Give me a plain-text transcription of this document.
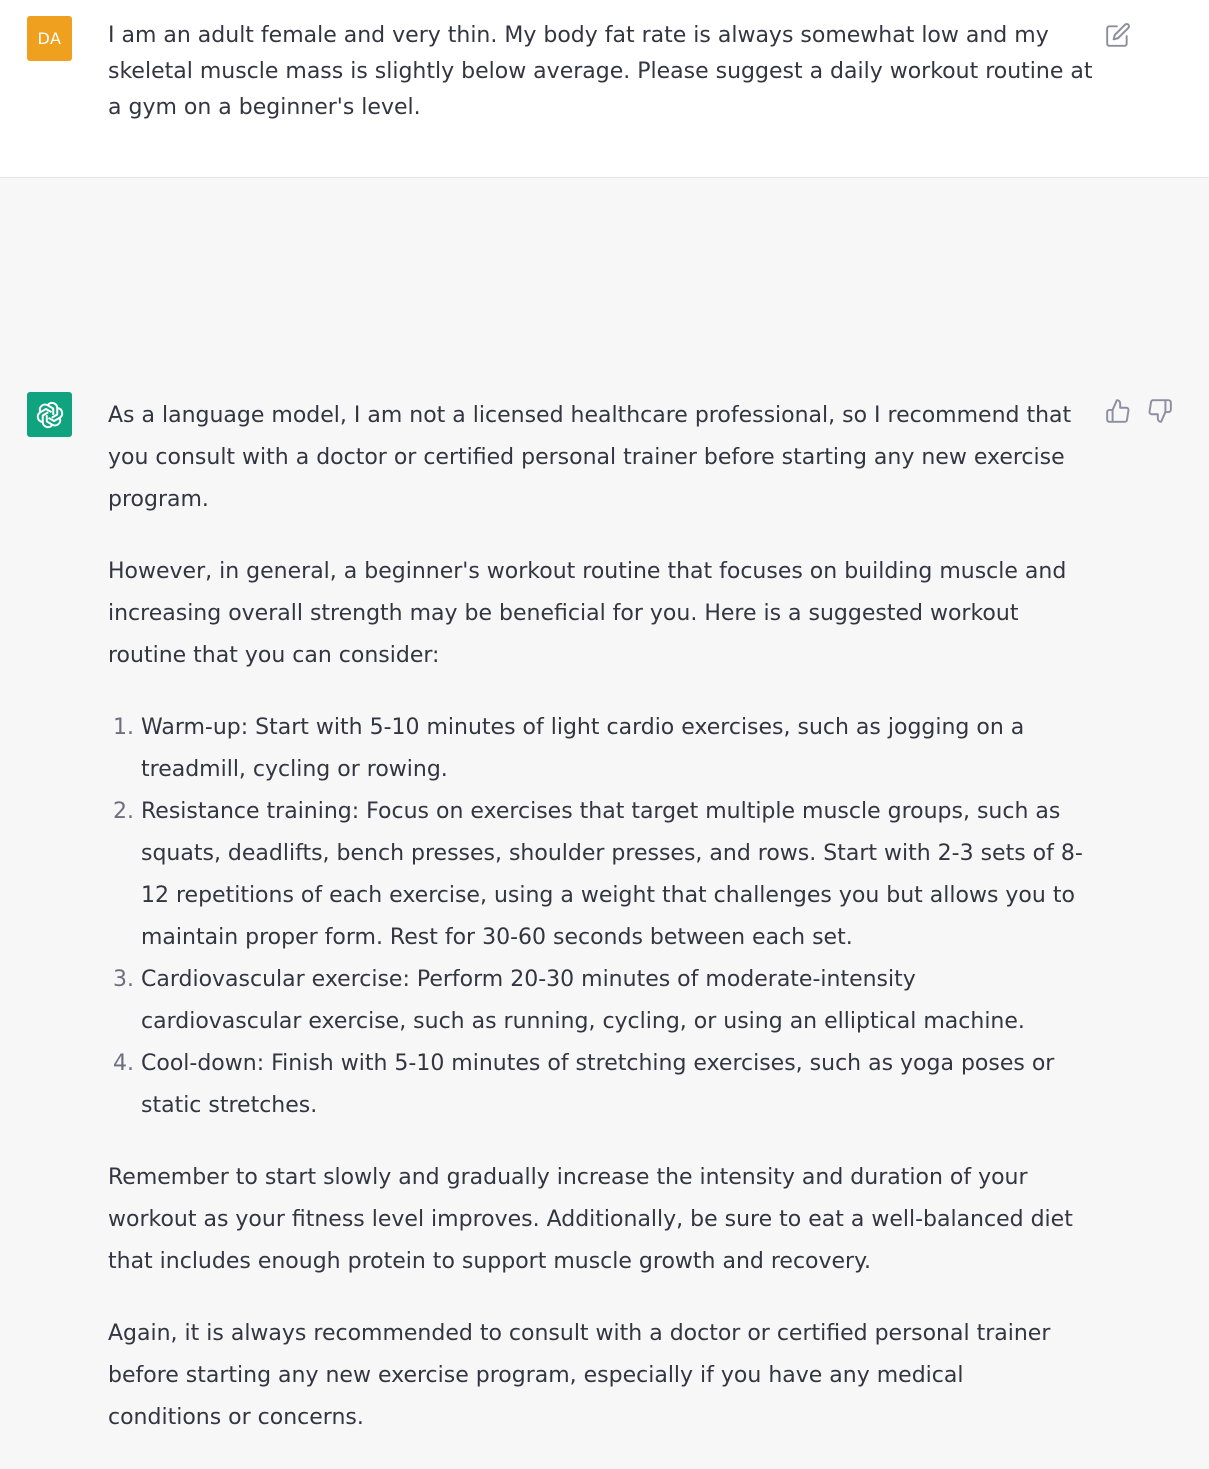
DA	I am an adult female and very thin. My body fat rate is always somewhat low and my skeletal muscle mass is slightly below average. Please suggest a daily workout routine at a gym on a beginner's level.

As a language model, I am not a licensed healthcare professional, so I recommend that you consult with a doctor or certified personal trainer before starting any new exercise program.

However, in general, a beginner's workout routine that focuses on building muscle and increasing overall strength may be beneficial for you. Here is a suggested workout routine that you can consider:

1. Warm-up: Start with 5-10 minutes of light cardio exercises, such as jogging on a treadmill, cycling or rowing.
2. Resistance training: Focus on exercises that target multiple muscle groups, such as squats, deadlifts, bench presses, shoulder presses, and rows. Start with 2-3 sets of 8-12 repetitions of each exercise, using a weight that challenges you but allows you to maintain proper form. Rest for 30-60 seconds between each set.
3. Cardiovascular exercise: Perform 20-30 minutes of moderate-intensity cardiovascular exercise, such as running, cycling, or using an elliptical machine.
4. Cool-down: Finish with 5-10 minutes of stretching exercises, such as yoga poses or static stretches.

Remember to start slowly and gradually increase the intensity and duration of your workout as your fitness level improves. Additionally, be sure to eat a well-balanced diet that includes enough protein to support muscle growth and recovery.

Again, it is always recommended to consult with a doctor or certified personal trainer before starting any new exercise program, especially if you have any medical conditions or concerns.
